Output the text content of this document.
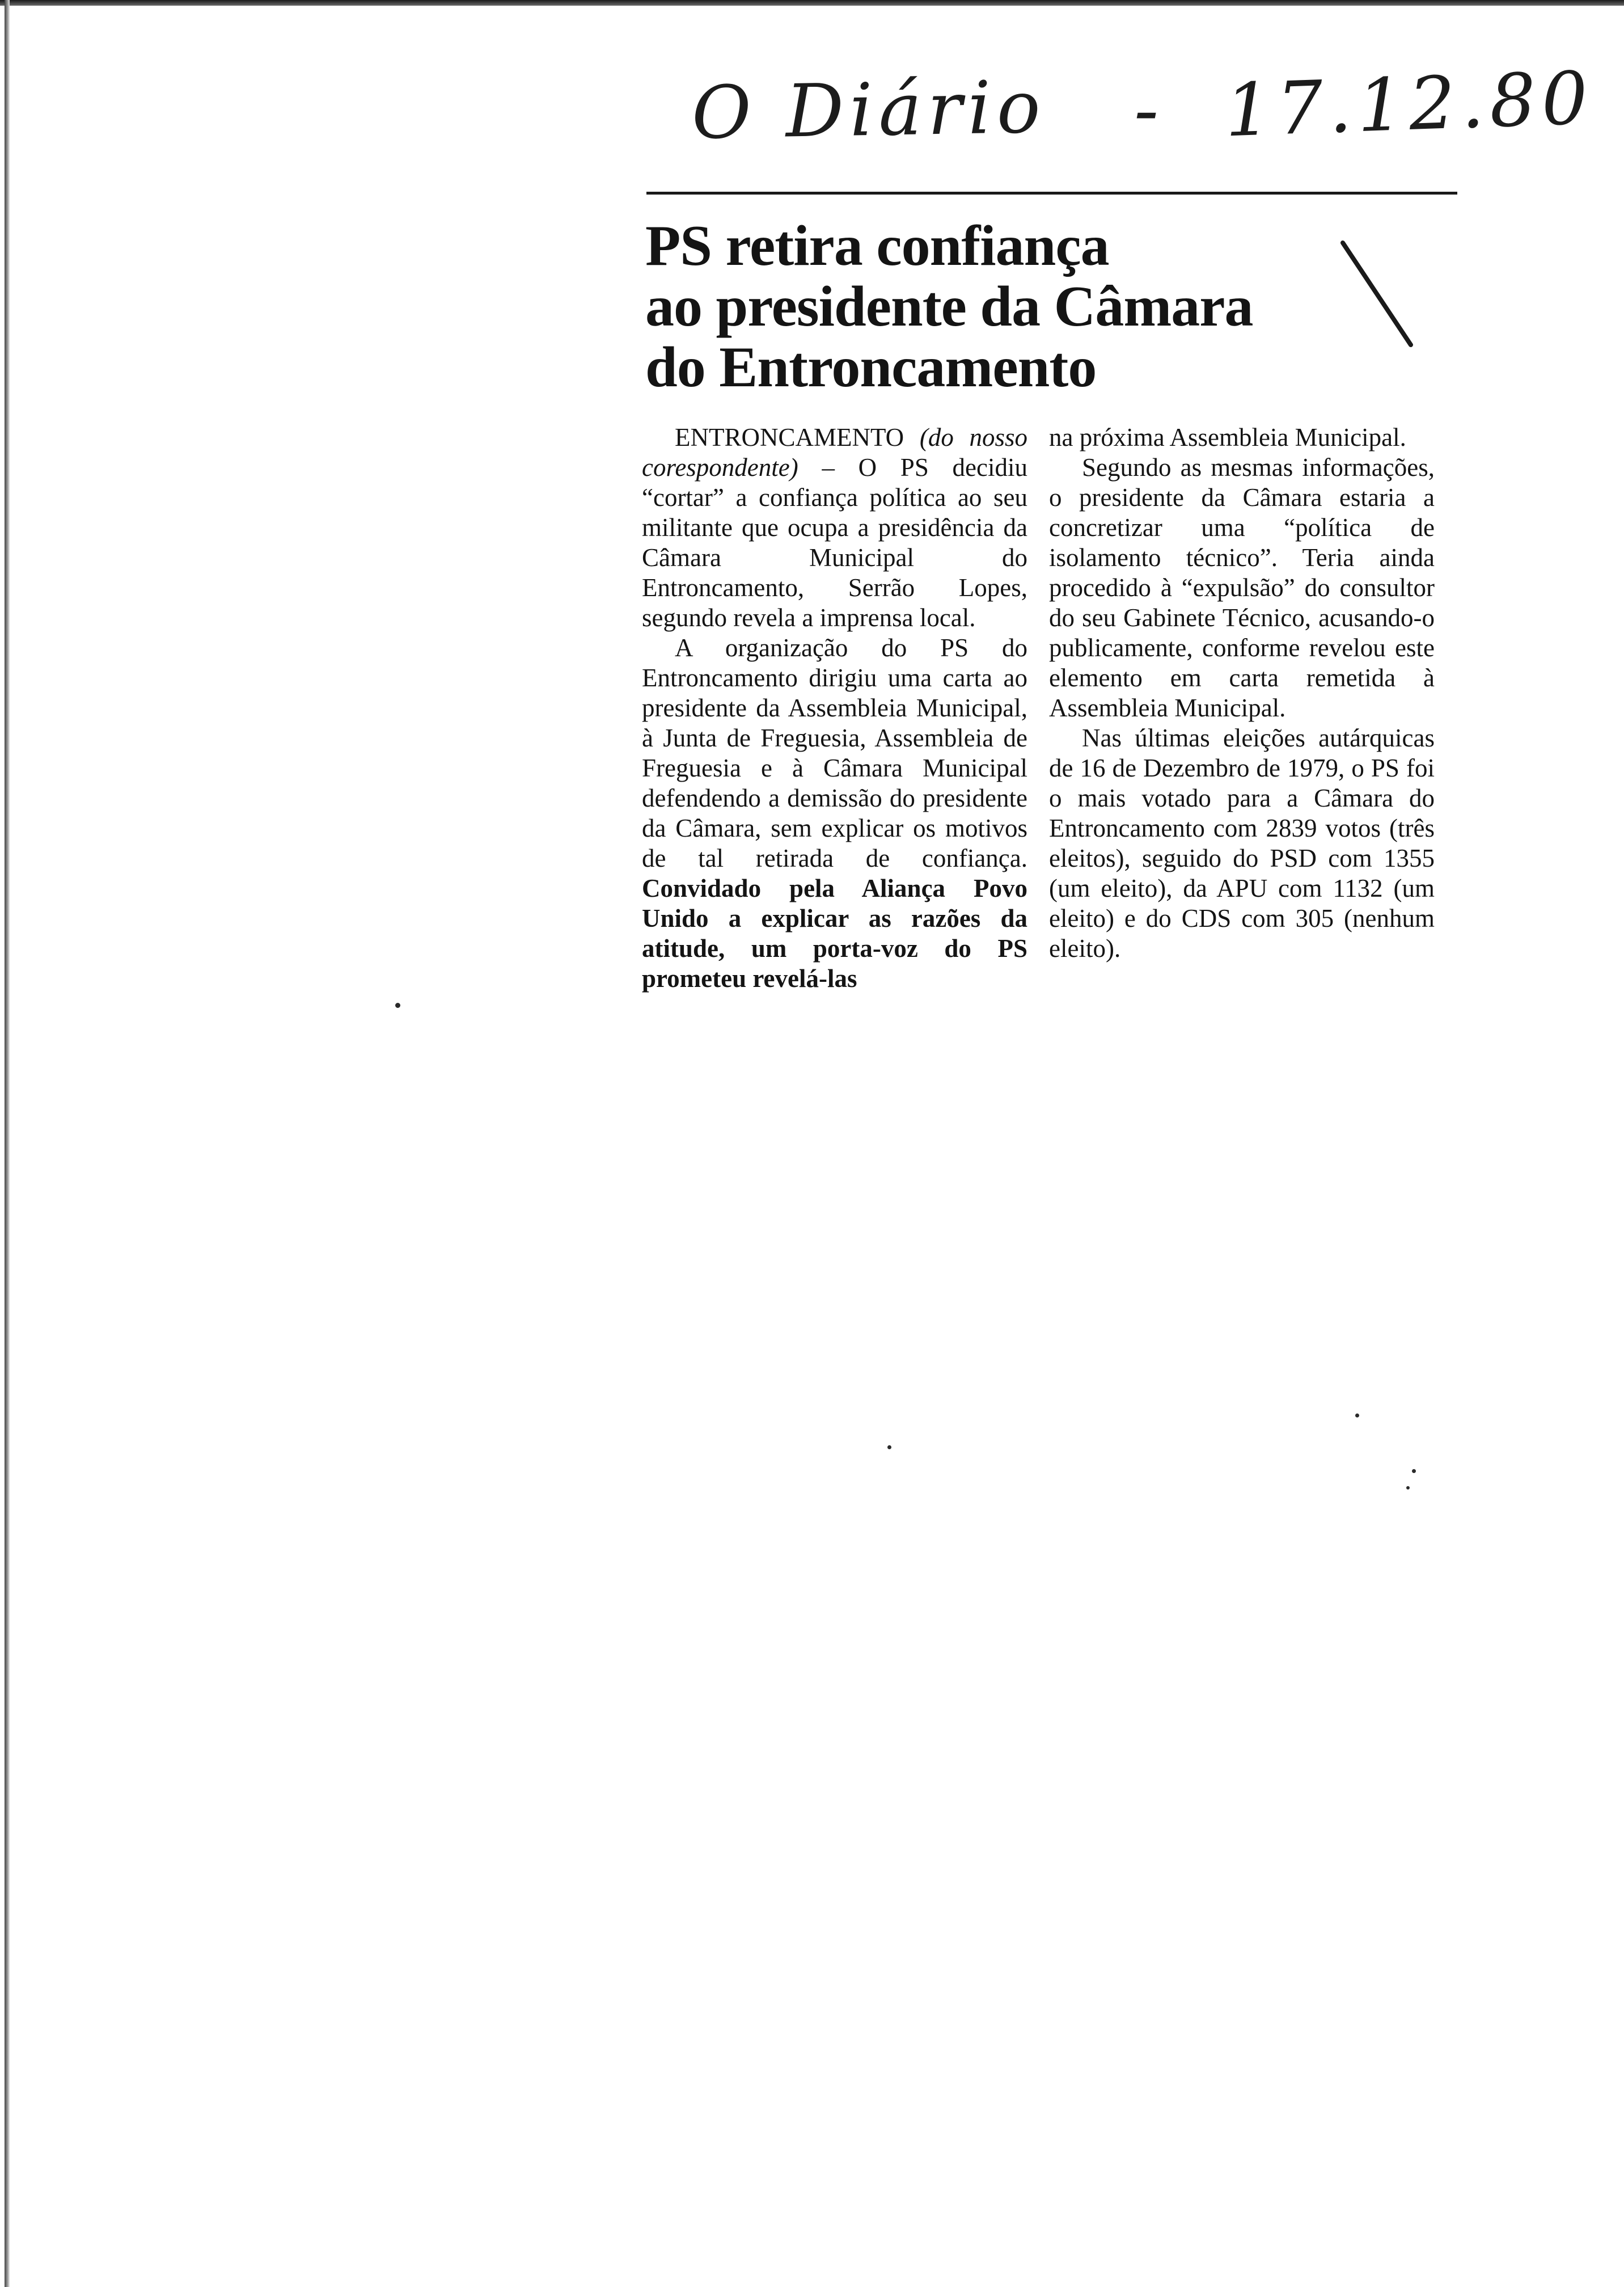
O Diário - 17.12.80
PS retira confiança
ao presidente da Câmara
do Entroncamento

ENTRONCAMENTO (do nosso corespondente) – O PS decidiu “cortar” a confiança política ao seu militante que ocupa a presidência da Câmara Municipal do Entroncamento, Serrão Lopes, segundo revela a imprensa local.

A organização do PS do Entroncamento dirigiu uma carta ao presidente da Assembleia Municipal, à Junta de Freguesia, Assembleia de Freguesia e à Câmara Municipal defendendo a demissão do presidente da Câmara, sem explicar os motivos de tal retirada de confiança. Convidado pela Aliança Povo Unido a explicar as razões da atitude, um porta-voz do PS prometeu revelá-las

na próxima Assembleia Municipal.

Segundo as mesmas informações, o presidente da Câmara estaria a concretizar uma “política de isolamento técnico”. Teria ainda procedido à “expulsão” do consultor do seu Gabinete Técnico, acusando-o publicamente, conforme revelou este elemento em carta remetida à Assembleia Municipal.

Nas últimas eleições autárquicas de 16 de Dezembro de 1979, o PS foi o mais votado para a Câmara do Entroncamento com 2839 votos (três eleitos), seguido do PSD com 1355 (um eleito), da APU com 1132 (um eleito) e do CDS com 305 (nenhum eleito).
